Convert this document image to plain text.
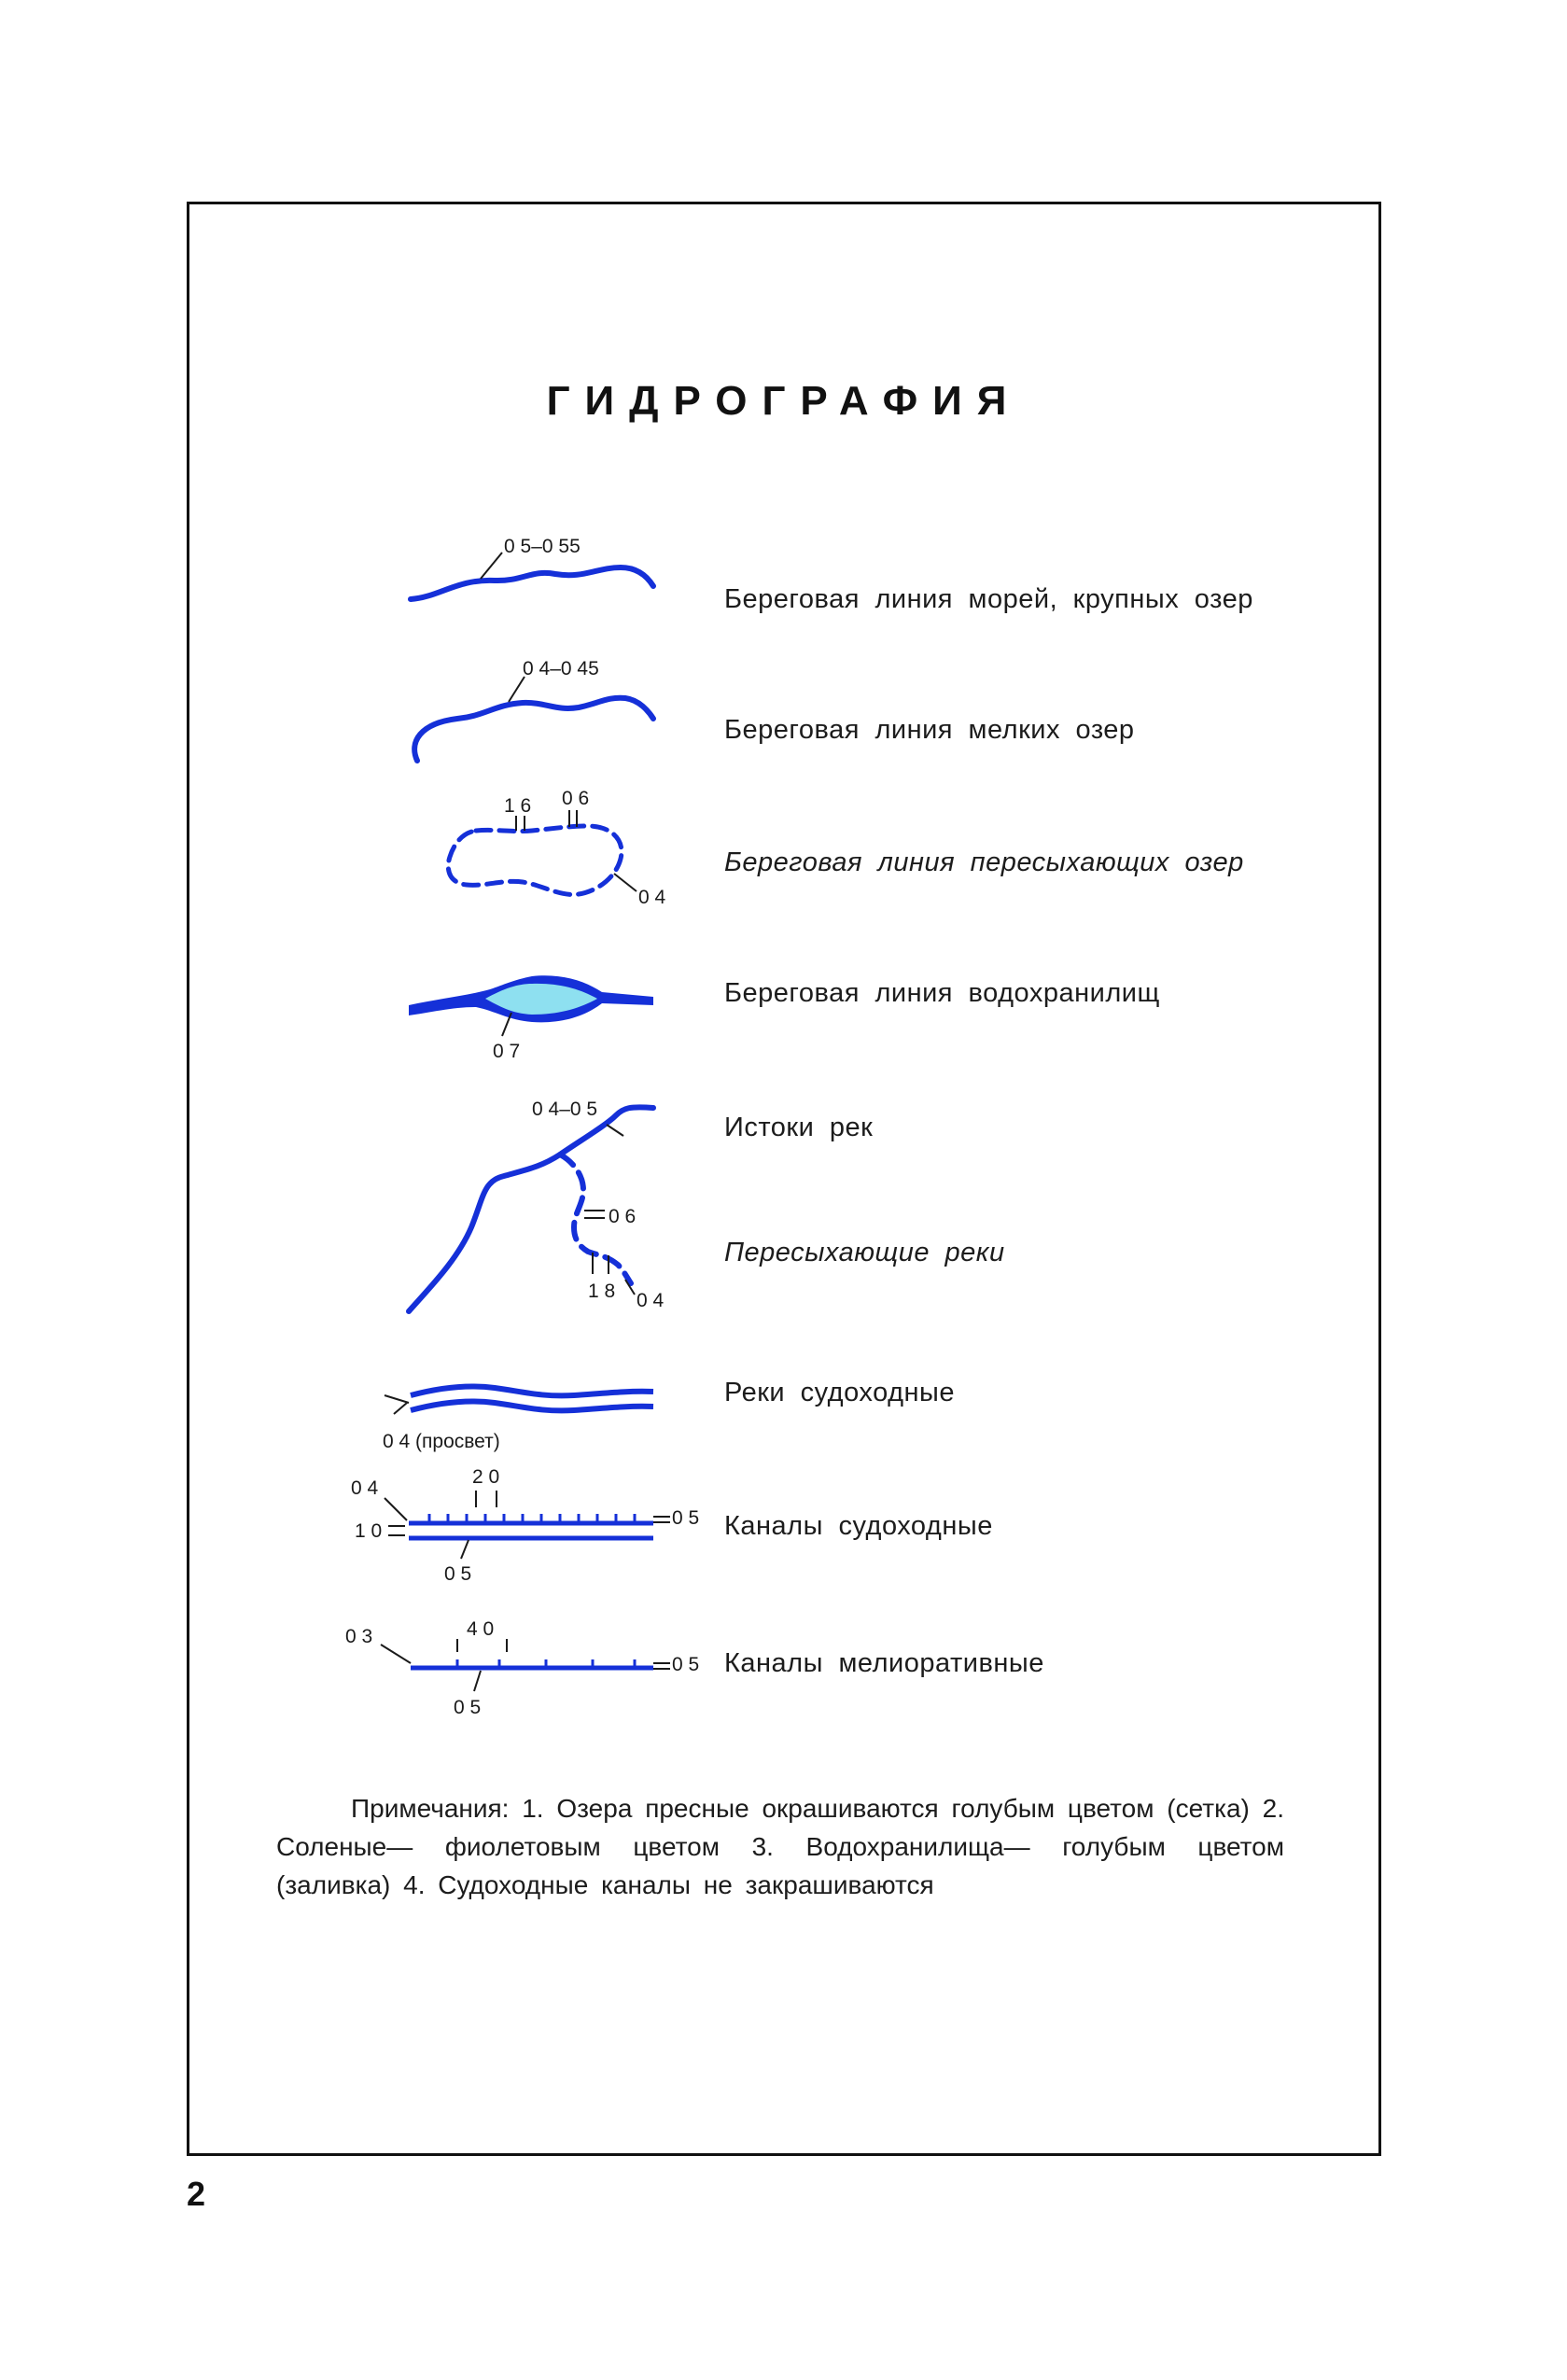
ГИДРОГРАФИЯ
0 5–0 55
Береговая линия морей, крупных озер
0 4–0 45
Береговая линия мелких озер
1 6 0 6
0 4
Береговая линия пересыхающих озер
0 7
Береговая линия водохранилищ
0 4–0 5
0 6
1 8 0 4
Истоки рек
Пересыхающие реки
0 4 (просвет)
Реки судоходные
0 4
2 0
1 0
0 5
0 5
Каналы судоходные
0 3	4 0
0 5
0 5
Каналы мелиоративные
Примечания: 1. Озера пресные окрашиваются голубым цветом (сетка) 2. Соленые— фиолетовым цветом 3. Водохранилища— голубым цветом (заливка) 4. Судоходные каналы не закрашиваются
2
